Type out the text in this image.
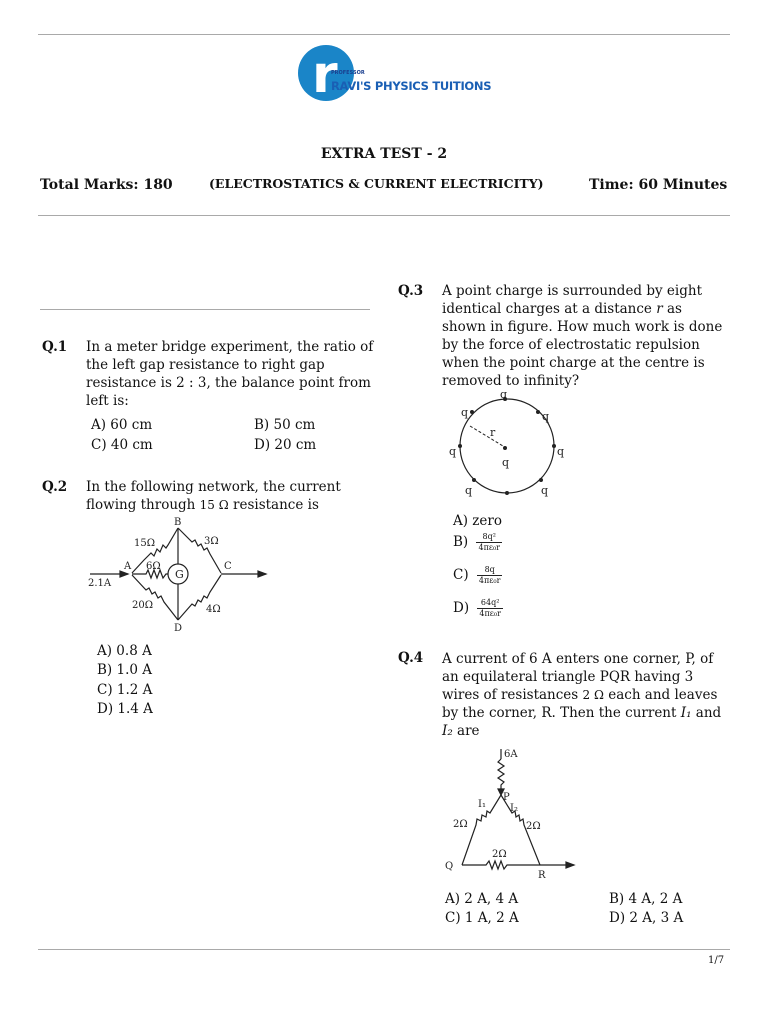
r
PROFESSOR
RAVI'S PHYSICS TUITIONS
EXTRA TEST - 2
Total Marks: 180	(ELECTROSTATICS & CURRENT ELECTRICITY)	Time: 60 Minutes
Q.1 In a meter bridge experiment, the ratio of the left gap resistance to right gap resistance is 2 : 3, the balance point from left is:
A) 60 cm	B) 50 cm
C) 40 cm	D) 20 cm
Q.2 In the following network, the current flowing through 15 Ω resistance is
G
B
A	C
D
15Ω	3Ω
6Ω
20Ω	4Ω
2.1A
A) 0.8 A
B) 1.0 A
C) 1.2 A
D) 1.4 A
Q.3 A point charge is surrounded by eight identical charges at a distance r as shown in figure. How much work is done by the force of electrostatic repulsion when the point charge at the centre is removed to infinity?
q
q
q
q
q
q
q
q
r
A) zero
$B) \frac{\text{8q²}}{\text{4πε₀r}}$
$C) \frac{8q}{\text{4πε₀r}}$
$D) \frac{\text{64q²}}{\text{4πε₀r}}$
Q.4 A current of 6 A enters one corner, P, of an equilateral triangle PQR having 3 wires of resistances 2 Ω each and leaves by the corner, R. Then the current I₁ and I₂ are
6A
P
Q
R
2Ω	2Ω
2Ω
I₁ I₂
A) 2 A, 4 A	B) 4 A, 2 A
C) 1 A, 2 A	D) 2 A, 3 A
1/7
